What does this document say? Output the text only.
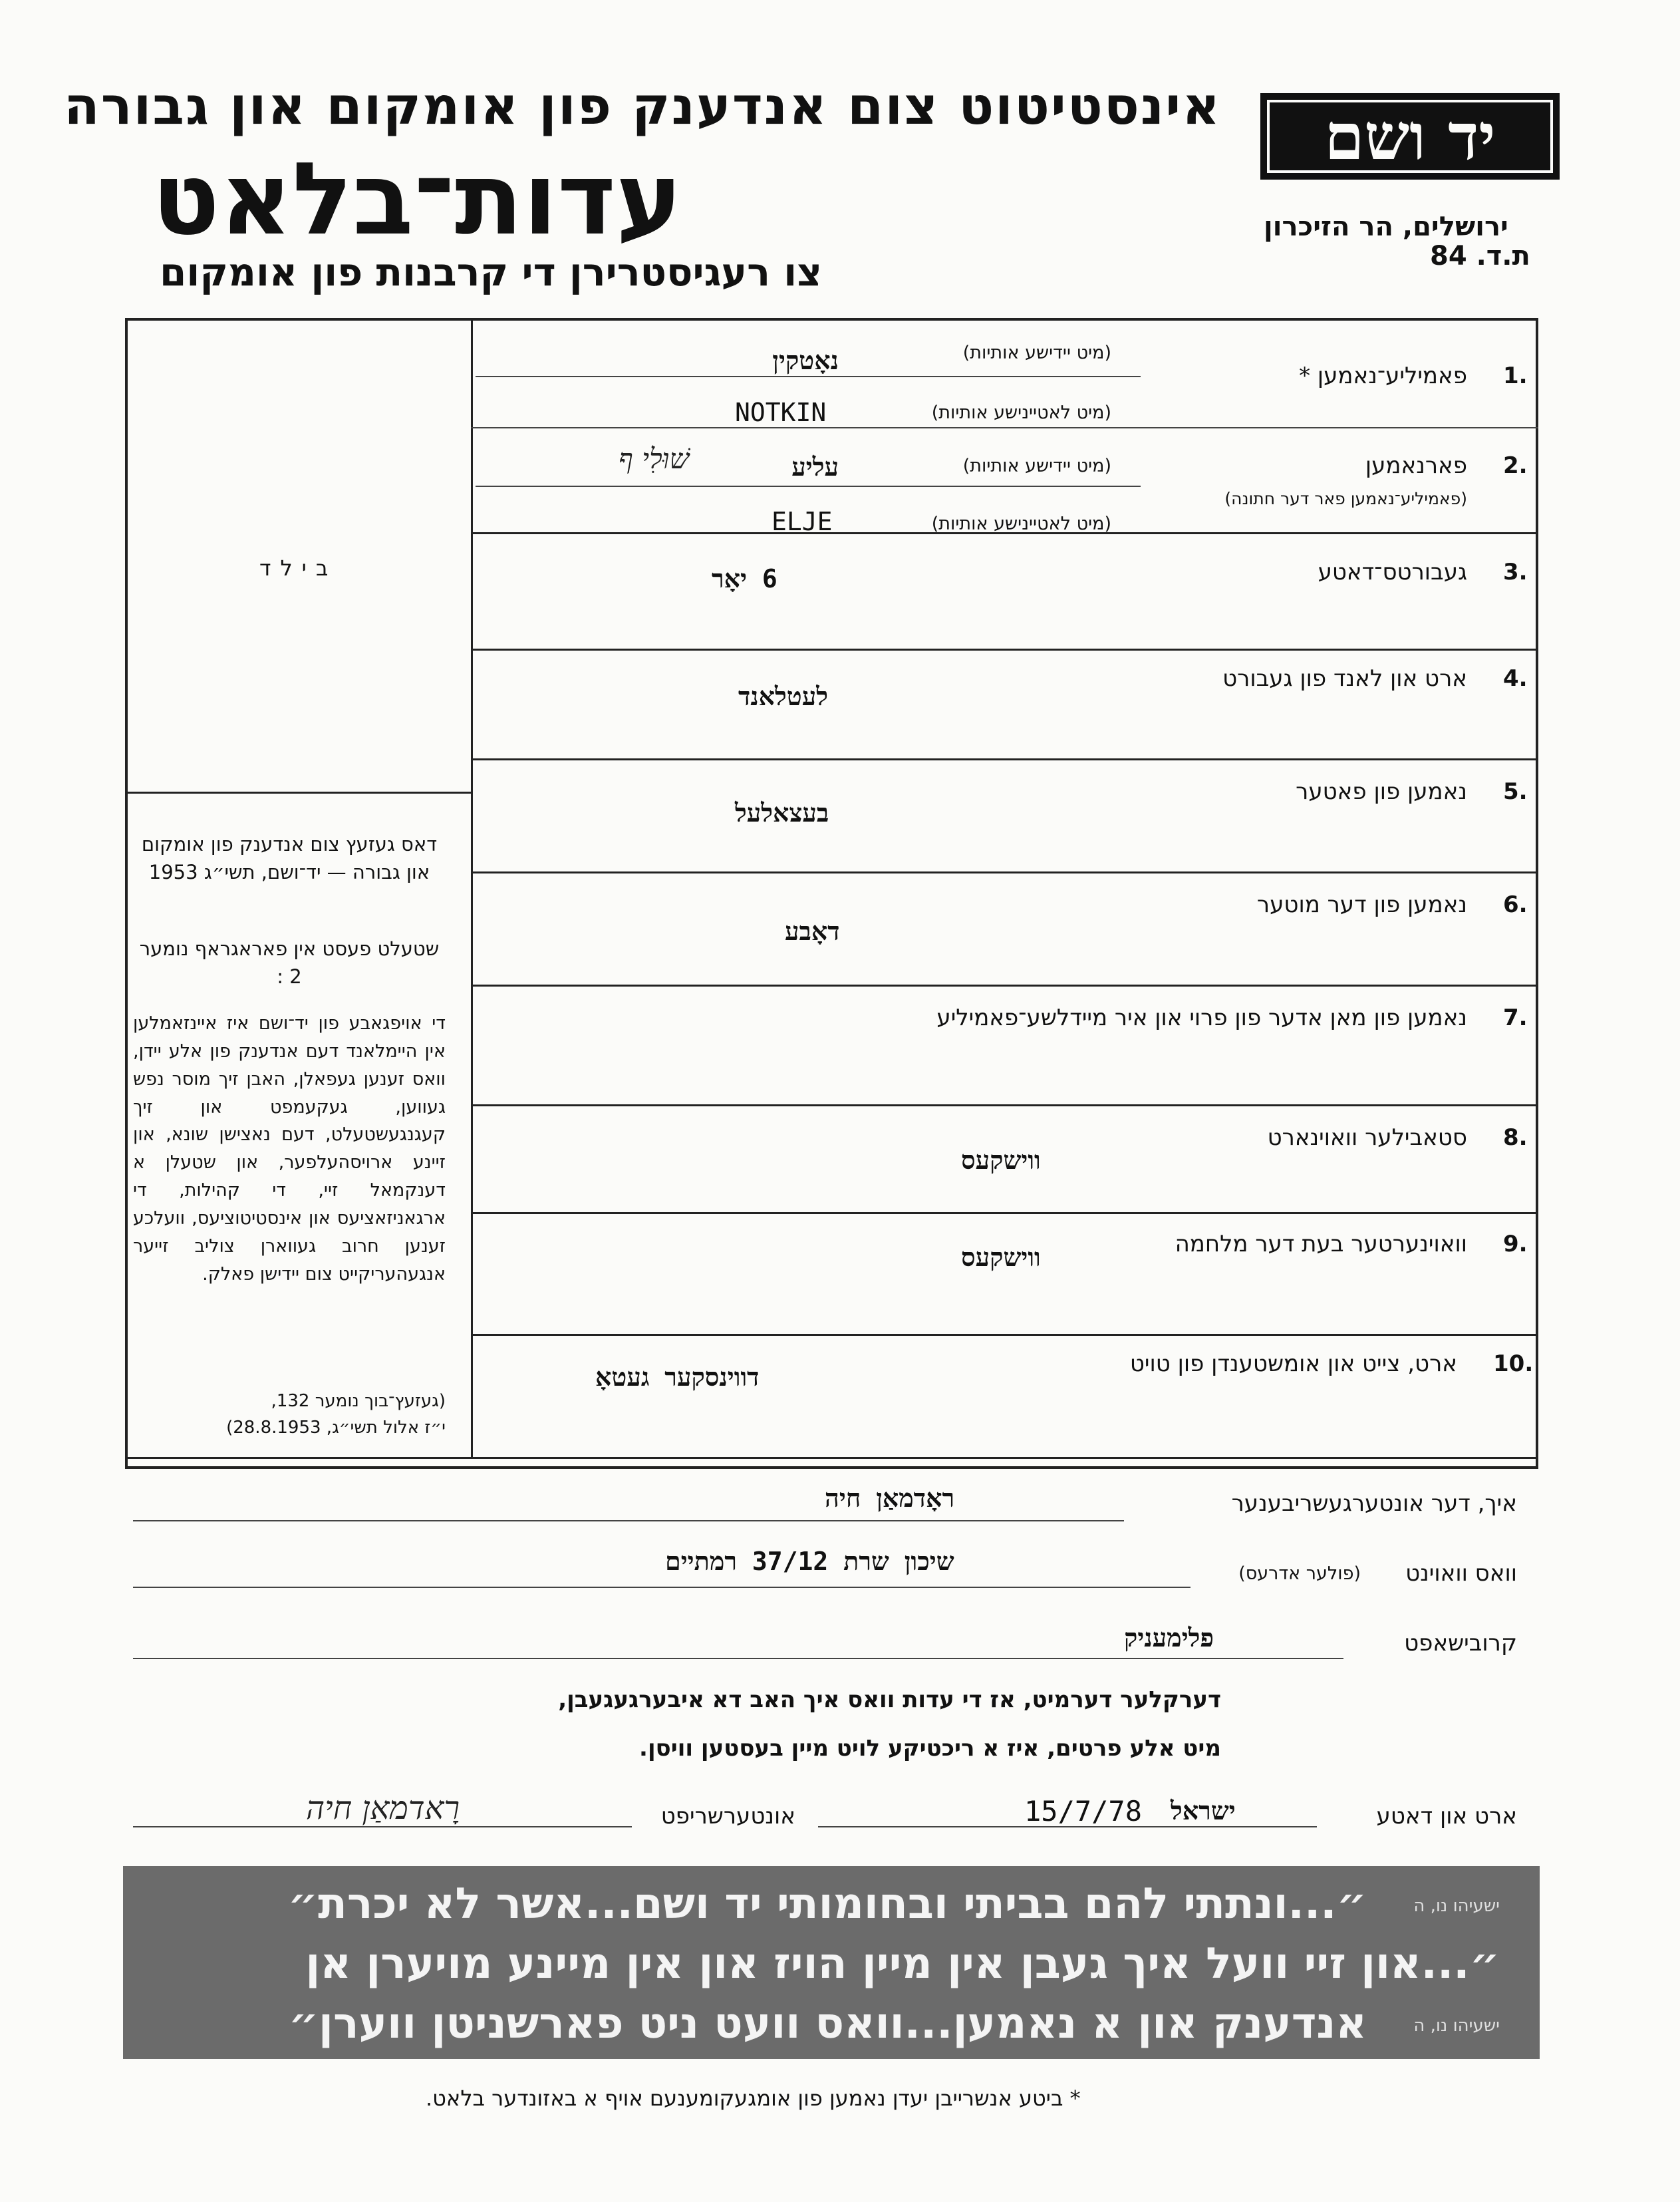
אינסטיטוט צום אנדענק פון אומקום און גבורה
עדות־בלאט
צו רעגיסטרירן די קרבנות פון אומקום
יד ושם
ירושלים, הר הזיכרון
ת.ד. 84
בילד
1.
פאמיליע־נאמען *
(מיט יידישע אותיות)
נאָטקין
(מיט לאטיינישע אותיות)
NOTKIN
2.
פארנאמען
(פאמיליע־נאמען פאר דער חתונה)
(מיט יידישע אותיות)
עליע
שׁוּלִי ף
(מיט לאטיינישע אותיות)
ELJE
3.
געבורטס־דאטע
6 יאָר
4.
ארט און לאנד פון געבורט
לעטלאנד
5.
נאמען פון פאטער
בעצאלעל
6.
נאמען פון דער מוטער
דאָבע
7.
נאמען פון מאן אדער פון פרוי און איר מיידלשע־פאמיליע
8.
סטאבילער וואוינארט
ווישקעס
9.
וואוינערטער בעת דער מלחמה
ווישקעס
10.
ארט, צייט און אומשטענדן פון טויט
דווינסקער געטאָ
דאס געזעץ צום אנדענק פון אומקום און גבורה — יד־ושם, תשי״ג 1953
שטעלט פעסט אין פאראגראף נומער 2 :
די אויפגאבע פון יד־ושם איז איינזאמלען אין היימלאנד דעם אנדענק פון אלע יידן, וואס זענען געפאלן, האבן זיך מוסר נפש געווען, געקעמפט און זיך קעגנגעשטעלט, דעם נאצישן שונא, און זיינע ארויסהעלפער, און שטעלן א דענקמאל זיי, די קהילות, די ארגאניזאציעס און אינסטיטוציעס, וועלכע זענען חרוב געווארן צוליב זייער אנגעהעריקייט צום יידישן פאלק.
(געזעץ־בוך נומער 132,
י״ז אלול תשי״ג, 28.8.1953)
איך, דער אונטערגעשריבענער
ראָדמאַן חיה
וואס וואוינט
(פולער אדרעס)
שיכון שרת 37/12 רמתיים
קרובישאפט
פלימעניק
דערקלער דערמיט, אז די עדות וואס איך האב דא איבערגעגעבן,
מיט אלע פרטים, איז א ריכטיקע לויט מיין בעסטען וויסן.
ארט און דאטע
ישראל
15/7/78
אונטערשריפט
רָאדמאַן חיה
״...ונתתי להם בביתי ובחומותי יד ושם...אשר לא יכרת״	ישעיהו נו, ה
״...און זיי וועל איך געבן אין מיין הויז און אין מיינע מויערן אן
אנדענק און א נאמען...וואס וועט ניט פארשניטן ווערן״	ישעיהו נו, ה
* ביטע אנשרייבן יעדן נאמען פון אומגעקומענעם אויף א באזונדער בלאט.
